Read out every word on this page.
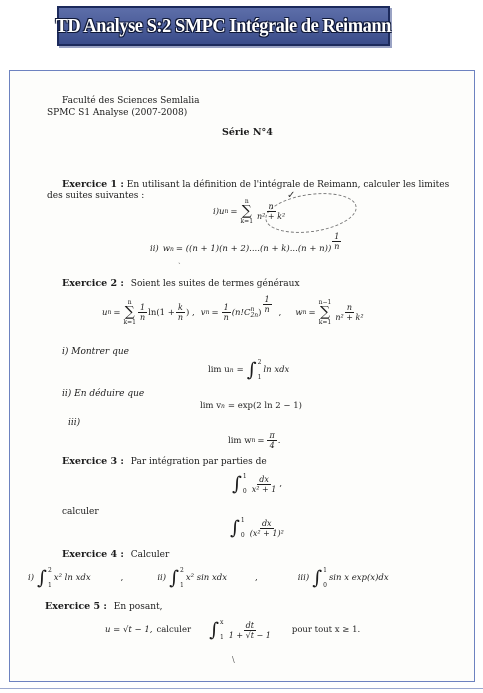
TD Analyse S:2 SMPC Intégrale de Reimann
Faculté des Sciences Semlalia
SPMC S1 Analyse (2007-2008)
Série N°4
Exercice 1 : En utilisant la définition de l'intégrale de Reimann, calculer les limites
des suites suivantes :	✓
i) u n =
n
∑
k=1
$\frac{n}{\text{n² + k²}}$
ii) w $n = ((n + 1)(n + 2)....(n + k)...(n + n)) \frac{1}{n}$
ˎ
Exercice 2 : Soient les suites de termes généraux
u n =
n
∑
k=1
$\frac{1}{n} \ln(1 + \frac{k}{n}$ ) , v $n = \frac{1}{n} (n!C$ n
2n ) $\frac{1}{n}$ , w n =
n−1
∑
k=1
$\frac{n}{\text{n² + k²}}$
i) Montrer que
lim u n = ∫ 2
1
ln xdx
ii) En déduire que
lim v n = exp(2 ln 2 − 1)
iii)
lim w $n = \frac{\pi}{4}$ .
Exercice 3 : Par intégration par parties de
∫ 1
$0 \frac{dx}{\text{x² + 1}}$ ,
calculer
∫ 1
$0 \frac{dx}{\text{(x² + 1)²}}$
Exercice 4 : Calculer
i) ∫ 2
1
x² ln xdx	,	ii) ∫ 2
1
x² sin xdx	,	iii) ∫ 1
0
sin x exp(x)dx
Exercice 5 : En posant,
u = √t − 1, calculer ∫ x
$1 \frac{dt}{1 + √t - 1}$ pour tout x ≥ 1.
\
